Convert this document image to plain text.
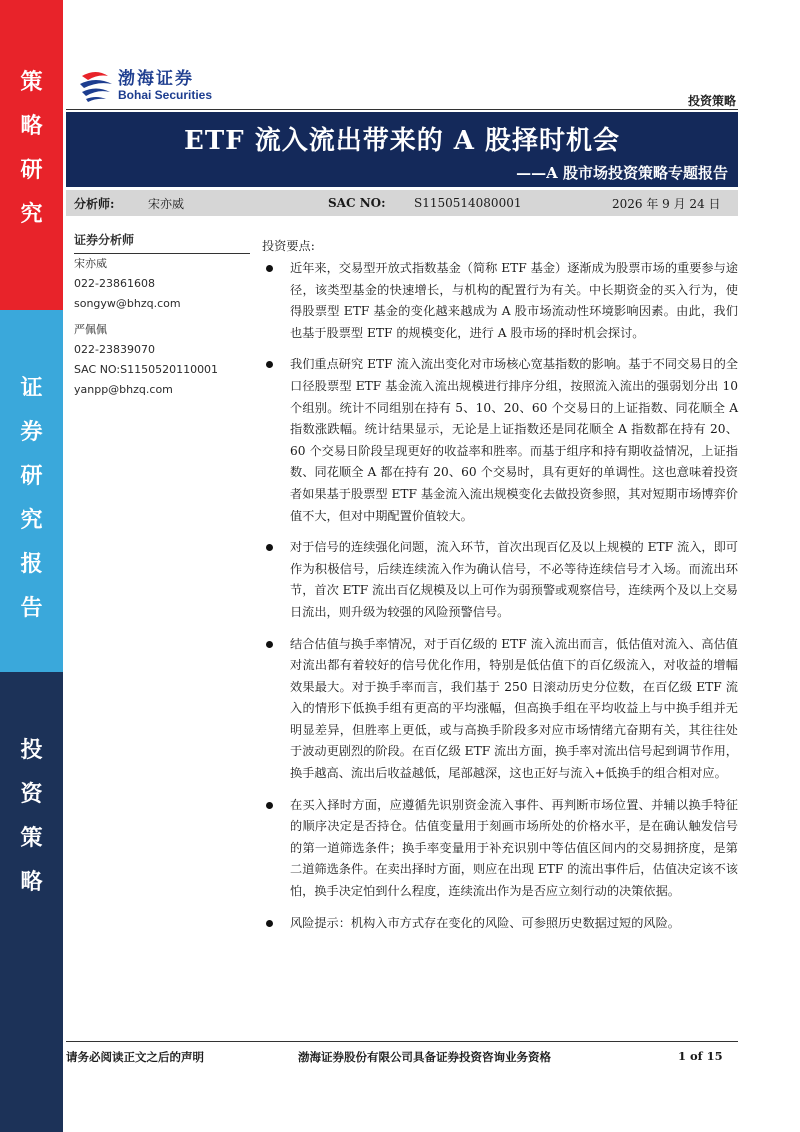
策
略
研
究
证
券
研
究
报
告
投
资
策
略
渤海证券
Bohai Securities	投资策略
ETF 流入流出带来的 A 股择时机会
——A 股市场投资策略专题报告
分析师:	宋亦威	SAC NO: S1150514080001	2026 年 9 月 24 日
证券分析师
宋亦威
022-23861608
songyw@bhzq.com
严佩佩
022-23839070
SAC NO:S1150520110001
yanpp@bhzq.com
投资要点:
近年来，交易型开放式指数基金（简称 ETF 基金）逐渐成为股票市场的重要参与途径，该类型基金的快速增长，与机构的配置行为有关。中长期资金的买入行为，使得股票型 ETF 基金的变化越来越成为 A 股市场流动性环境影响因素。由此，我们也基于股票型 ETF 的规模变化，进行 A 股市场的择时机会探讨。
我们重点研究 ETF 流入流出变化对市场核心宽基指数的影响。基于不同交易日的全口径股票型 ETF 基金流入流出规模进行排序分组，按照流入流出的强弱划分出 10 个组别。统计不同组别在持有 5、10、20、60 个交易日的上证指数、同花顺全 A 指数涨跌幅。统计结果显示，无论是上证指数还是同花顺全 A 指数都在持有 20、60 个交易日阶段呈现更好的收益率和胜率。而基于组序和持有期收益情况，上证指数、同花顺全 A 都在持有 20、60 个交易时，具有更好的单调性。这也意味着投资者如果基于股票型 ETF 基金流入流出规模变化去做投资参照，其对短期市场博弈价值不大，但对中期配置价值较大。
对于信号的连续强化问题，流入环节，首次出现百亿及以上规模的 ETF 流入，即可作为积极信号，后续连续流入作为确认信号，不必等待连续信号才入场。而流出环节，首次 ETF 流出百亿规模及以上可作为弱预警或观察信号，连续两个及以上交易日流出，则升级为较强的风险预警信号。
结合估值与换手率情况，对于百亿级的 ETF 流入流出而言，低估值对流入、高估值对流出都有着较好的信号优化作用，特别是低估值下的百亿级流入，对收益的增幅效果最大。对于换手率而言，我们基于 250 日滚动历史分位数，在百亿级 ETF 流入的情形下低换手组有更高的平均涨幅，但高换手组在平均收益上与中换手组并无明显差异，但胜率上更低，或与高换手阶段多对应市场情绪亢奋期有关，其往往处于波动更剧烈的阶段。在百亿级 ETF 流出方面，换手率对流出信号起到调节作用，换手越高、流出后收益越低，尾部越深，这也正好与流入+低换手的组合相对应。
在买入择时方面，应遵循先识别资金流入事件、再判断市场位置、并辅以换手特征的顺序决定是否持仓。估值变量用于刻画市场所处的价格水平，是在确认触发信号的第一道筛选条件；换手率变量用于补充识别中等估值区间内的交易拥挤度，是第二道筛选条件。在卖出择时方面，则应在出现 ETF 的流出事件后，估值决定该不该怕，换手决定怕到什么程度，连续流出作为是否应立刻行动的决策依据。
风险提示：机构入市方式存在变化的风险、可参照历史数据过短的风险。
请务必阅读正文之后的声明	渤海证券股份有限公司具备证券投资咨询业务资格	1 of 15
